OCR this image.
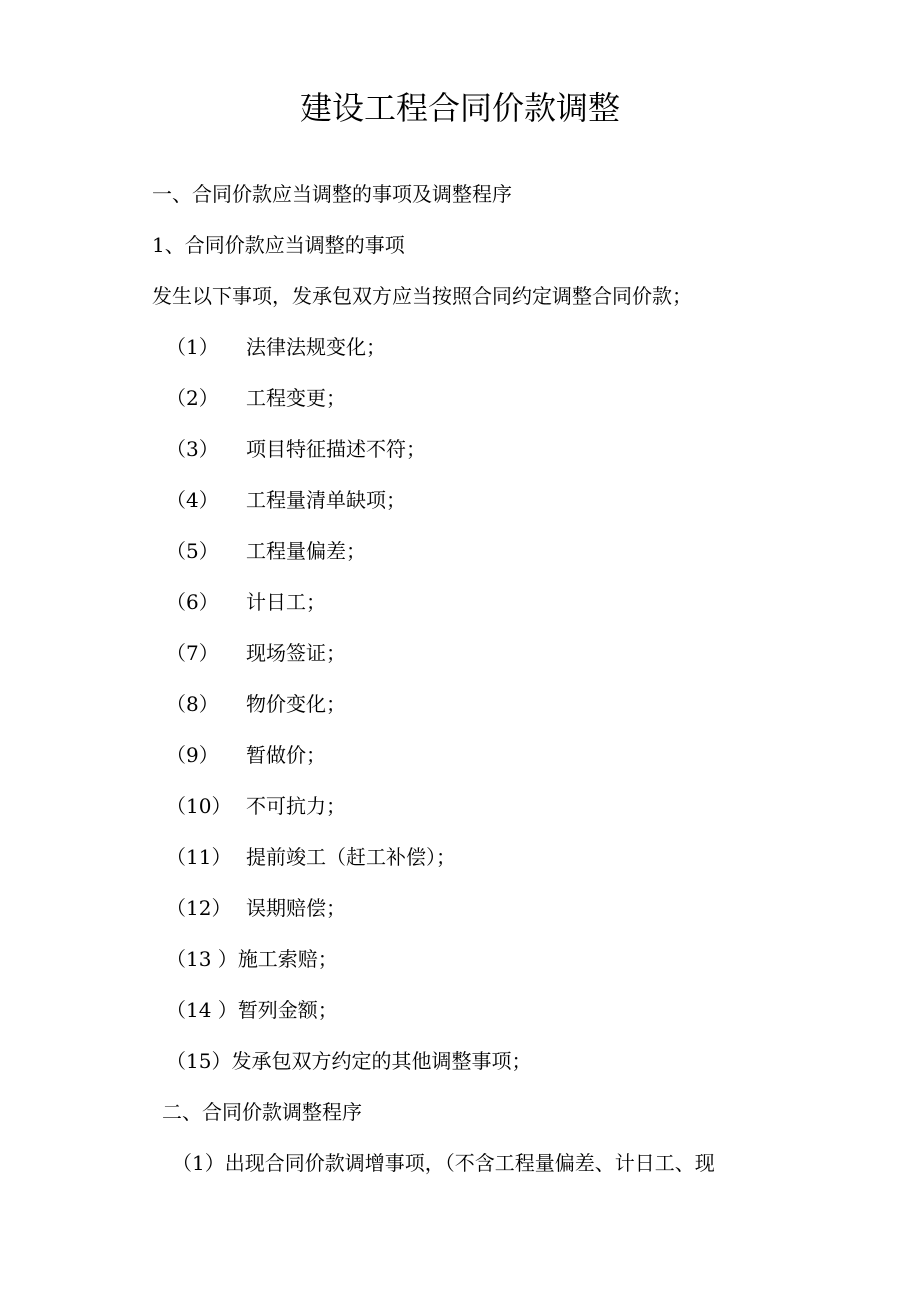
建设工程合同价款调整
一、合同价款应当调整的事项及调整程序
1、合同价款应当调整的事项
发生以下事项，发承包双方应当按照合同约定调整合同价款；
（1） 法律法规变化；
（2） 工程变更；
（3） 项目特征描述不符；
（4） 工程量清单缺项；
（5） 工程量偏差；
（6） 计日工；
（7） 现场签证；
（8） 物价变化；
（9） 暂做价；
（10） 不可抗力；
（11） 提前竣工（赶工补偿）；
（12） 误期赔偿；
（13 ）施工索赔；
（14 ）暂列金额；
（15）发承包双方约定的其他调整事项；
二、合同价款调整程序
（1）出现合同价款调增事项，（不含工程量偏差、计日工、现
